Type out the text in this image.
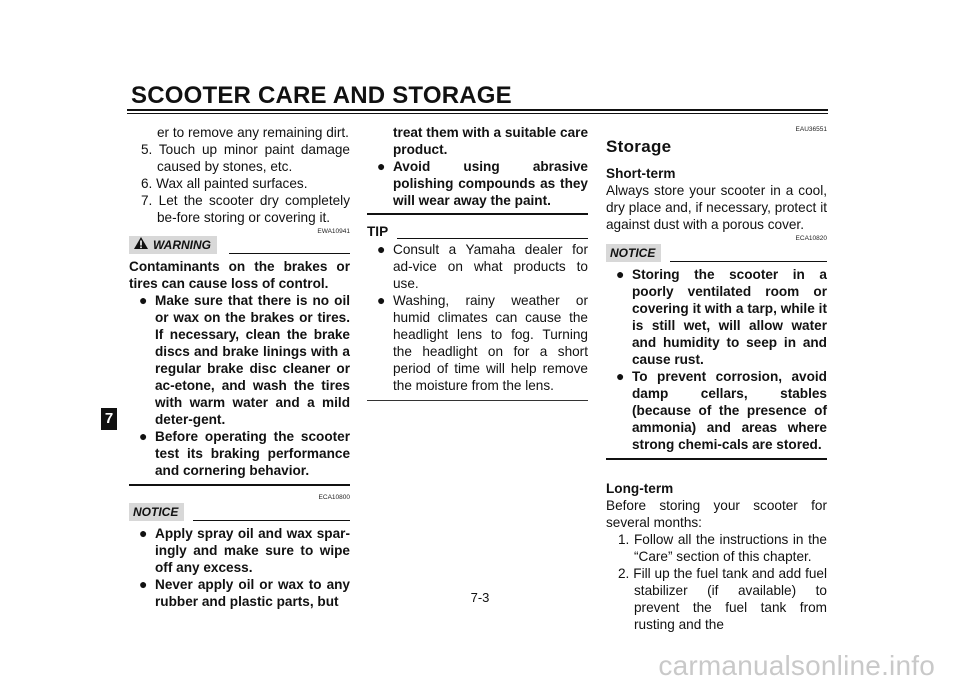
SCOOTER CARE AND STORAGE
7

er to remove any remaining dirt.

5. Touch up minor paint damage caused by stones, etc.

6. Wax all painted surfaces.

7. Let the scooter dry completely be-fore storing or covering it.

EWA10941
WARNING

Contaminants on the brakes or tires can cause loss of control.

● Make sure that there is no oil or wax on the brakes or tires. If necessary, clean the brake discs and brake linings with a regular brake disc cleaner or ac-etone, and wash the tires with warm water and a mild deter-gent.
● Before operating the scooter test its braking performance and cornering behavior.
ECA10800
NOTICE
● Apply spray oil and wax spar-ingly and make sure to wipe off any excess.
● Never apply oil or wax to any rubber and plastic parts, but

treat them with a suitable care product.

● Avoid using abrasive polishing compounds as they will wear away the paint.
TIP
● Consult a Yamaha dealer for ad-vice on what products to use.
● Washing, rainy weather or humid climates can cause the headlight lens to fog. Turning the headlight on for a short period of time will help remove the moisture from the lens.
EAU36551
Storage

Short-term

Always store your scooter in a cool, dry place and, if necessary, protect it against dust with a porous cover.

ECA10820
NOTICE
● Storing the scooter in a poorly ventilated room or covering it with a tarp, while it is still wet, will allow water and humidity to seep in and cause rust.
● To prevent corrosion, avoid damp cellars, stables (because of the presence of ammonia) and areas where strong chemi-cals are stored.

Long-term

Before storing your scooter for several months:

1. Follow all the instructions in the “Care” section of this chapter.

2. Fill up the fuel tank and add fuel stabilizer (if available) to prevent the fuel tank from rusting and the

7-3
carmanualsonline.info
